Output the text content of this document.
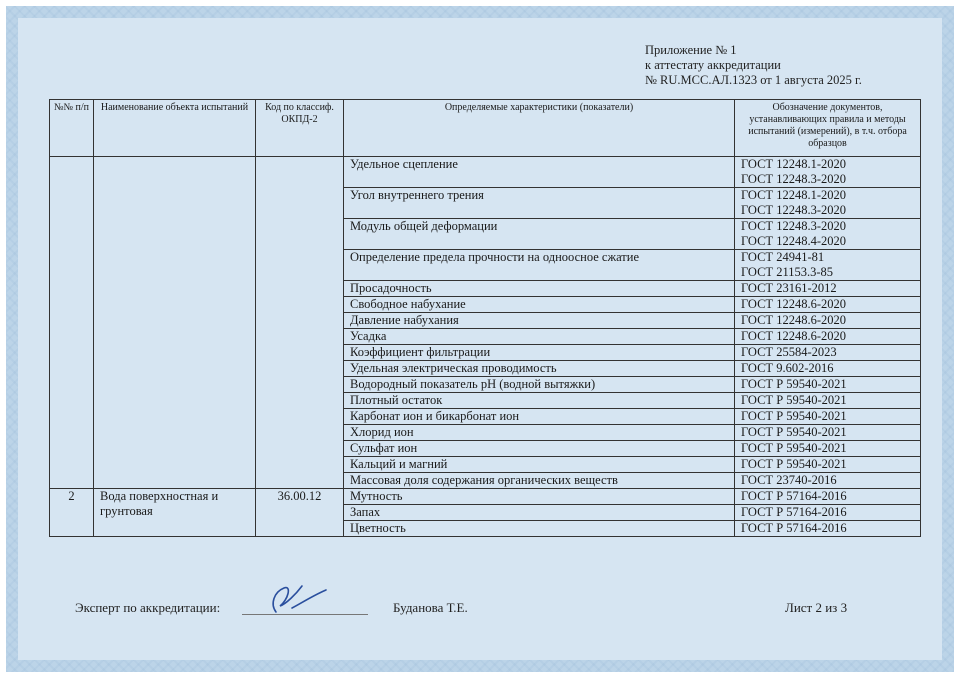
Приложение № 1
к аттестату аккредитации
№ RU.МСС.АЛ.1323 от 1 августа 2025 г.
№№ п/п	Наименование объекта испытаний	Код по классиф. ОКПД-2	Определяемые характеристики (показатели)	Обозначение документов, устанавливающих правила и методы испытаний (измерений), в т.ч. отбора образцов
			Удельное сцепление	ГОСТ 12248.1-2020
ГОСТ 12248.3-2020

			Угол внутреннего трения	ГОСТ 12248.1-2020
ГОСТ 12248.3-2020

			Модуль общей деформации	ГОСТ 12248.3-2020
ГОСТ 12248.4-2020

			Определение предела прочности на одноосное сжатие	ГОСТ 24941-81
ГОСТ 21153.3-85

			Просадочность	ГОСТ 23161-2012

			Свободное набухание	ГОСТ 12248.6-2020

			Давление набухания	ГОСТ 12248.6-2020

			Усадка	ГОСТ 12248.6-2020

			Коэффициент фильтрации	ГОСТ 25584-2023

			Удельная электрическая проводимость	ГОСТ 9.602-2016

			Водородный показатель рН (водной вытяжки)	ГОСТ Р 59540-2021

			Плотный остаток	ГОСТ Р 59540-2021

			Карбонат ион и бикарбонат ион	ГОСТ Р 59540-2021

			Хлорид ион	ГОСТ Р 59540-2021

			Сульфат ион	ГОСТ Р 59540-2021

			Кальций и магний	ГОСТ Р 59540-2021

			Массовая доля содержания органических веществ	ГОСТ 23740-2016

2	Вода поверхностная и грунтовая	36.00.12	Мутность	ГОСТ Р 57164-2016

			Запах	ГОСТ Р 57164-2016

			Цветность	ГОСТ Р 57164-2016
Эксперт по аккредитации:	Буданова Т.Е.	Лист 2 из 3
